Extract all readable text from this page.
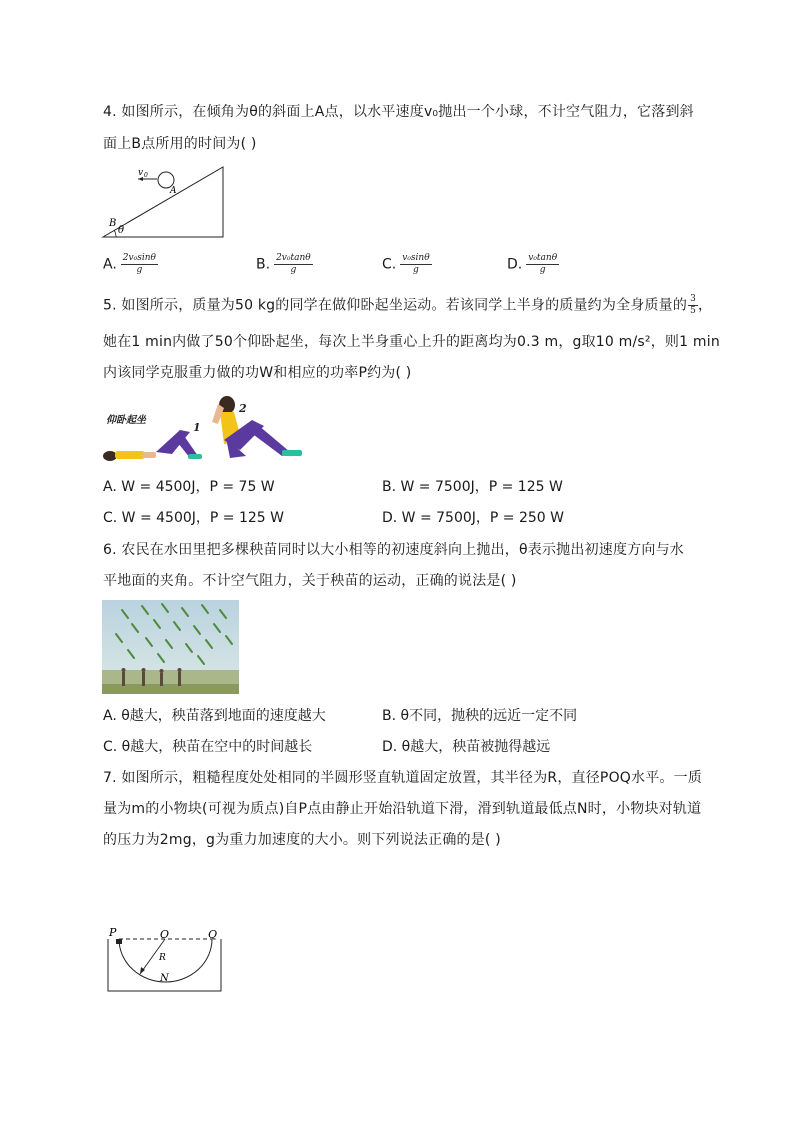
4. 如图所示，在倾角为θ的斜面上A点，以水平速度v₀抛出一个小球，不计空气阻力，它落到斜
面上B点所用的时间为( )
v 0
A
B
θ
A. $\frac{\text{2v₀sinθ}}{g}$	B. $\frac{\text{2v₀tanθ}}{g}$	C. $\frac{\text{v₀sinθ}}{g}$	D. $\frac{\text{v₀tanθ}}{g}$
5. 如图所示，质量为50 kg的同学在做仰卧起坐运动。若该同学上半身的质量约为全身质量的 $\frac{3}{5}$ ，
她在1 min内做了50个仰卧起坐，每次上半身重心上升的距离均为0.3 m，g取10 m/s²，则1 min
内该同学克服重力做的功W和相应的功率P约为( )
仰卧起坐
1
2
A. W = 4500J，P = 75 W	B. W = 7500J，P = 125 W
C. W = 4500J，P = 125 W	D. W = 7500J，P = 250 W
6. 农民在水田里把多棵秧苗同时以大小相等的初速度斜向上抛出，θ表示抛出初速度方向与水
平地面的夹角。不计空气阻力，关于秧苗的运动，正确的说法是( )
A. θ越大，秧苗落到地面的速度越大	B. θ不同，抛秧的远近一定不同
C. θ越大，秧苗在空中的时间越长	D. θ越大，秧苗被抛得越远
7. 如图所示，粗糙程度处处相同的半圆形竖直轨道固定放置，其半径为R，直径POQ水平。一质
量为m的小物块(可视为质点)自P点由静止开始沿轨道下滑，滑到轨道最低点N时，小物块对轨道
的压力为2mg，g为重力加速度的大小。则下列说法正确的是( )
P	O	Q
R
N
